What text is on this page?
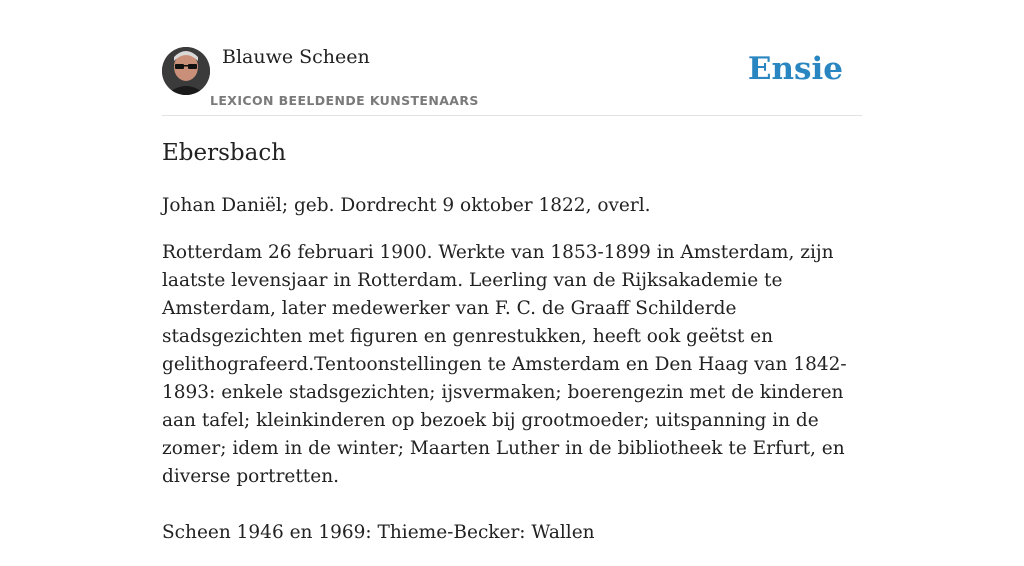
Blauwe Scheen
LEXICON BEELDENDE KUNSTENAARS
Ensie
Ebersbach

Johan Daniël; geb. Dordrecht 9 oktober 1822, overl.

Rotterdam 26 februari 1900. Werkte van 1853-1899 in Amsterdam, zijn laatste levensjaar in Rotterdam. Leerling van de Rijksakademie te Amsterdam, later medewerker van F. C. de Graaff Schilderde stadsgezichten met figuren en genrestukken, heeft ook geëtst en gelithografeerd.Tentoonstellingen te Amsterdam en Den Haag van 1842-1893: enkele stadsgezichten; ijsvermaken; boerengezin met de kinderen aan tafel; kleinkinderen op bezoek bij grootmoeder; uitspanning in de zomer; idem in de winter; Maarten Luther in de bibliotheek te Erfurt, en diverse portretten.

Scheen 1946 en 1969: Thieme-Becker: Wallen
